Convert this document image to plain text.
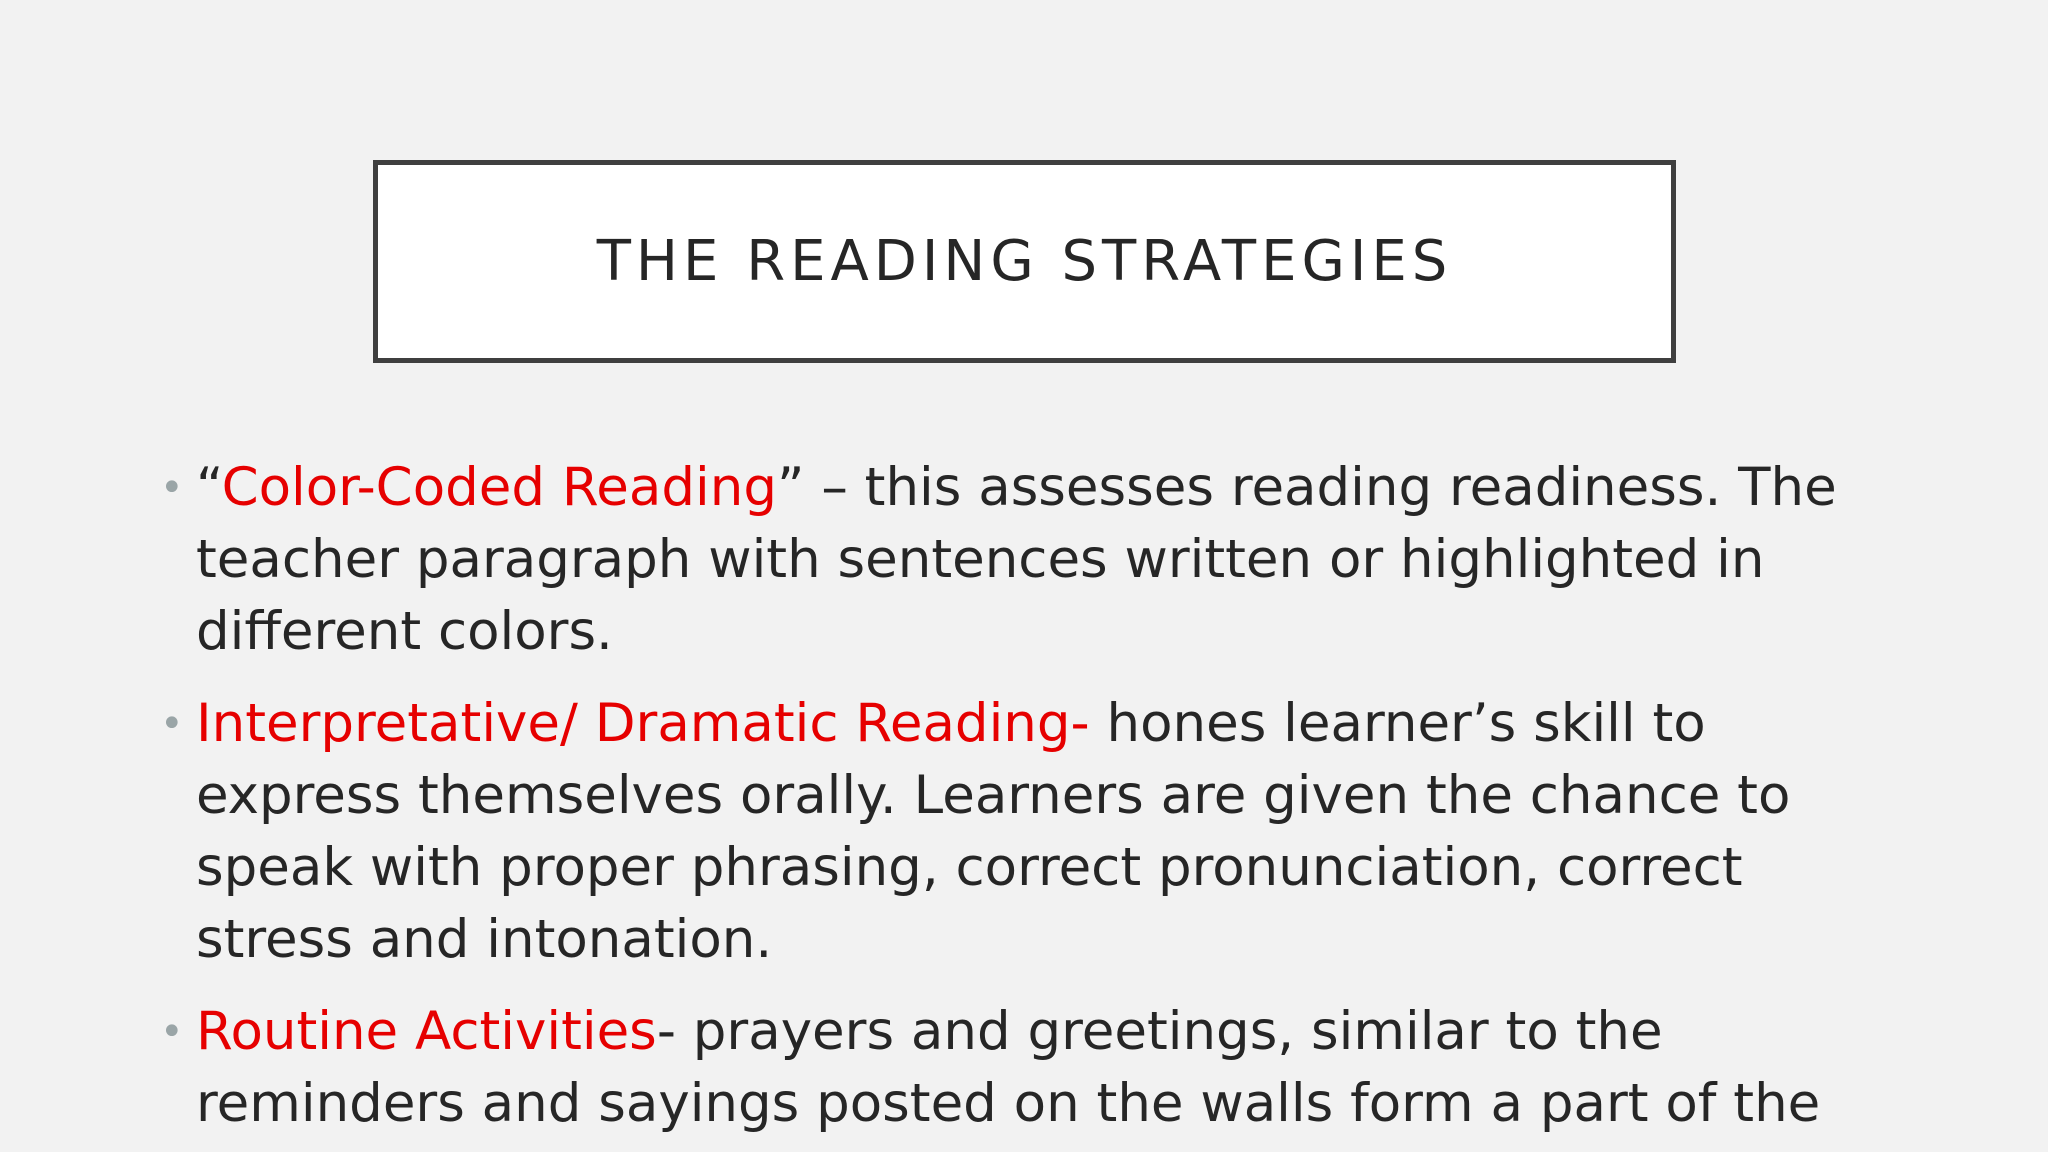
THE READING STRATEGIES
• “Color-Coded Reading” – this assesses reading readiness. The teacher paragraph with sentences written or highlighted in different colors.
• Interpretative/ Dramatic Reading- hones learner’s skill to express themselves orally. Learners are given the chance to speak with proper phrasing, correct pronunciation, correct stress and intonation.
• Routine Activities- prayers and greetings, similar to the reminders and sayings posted on the walls form a part of the
